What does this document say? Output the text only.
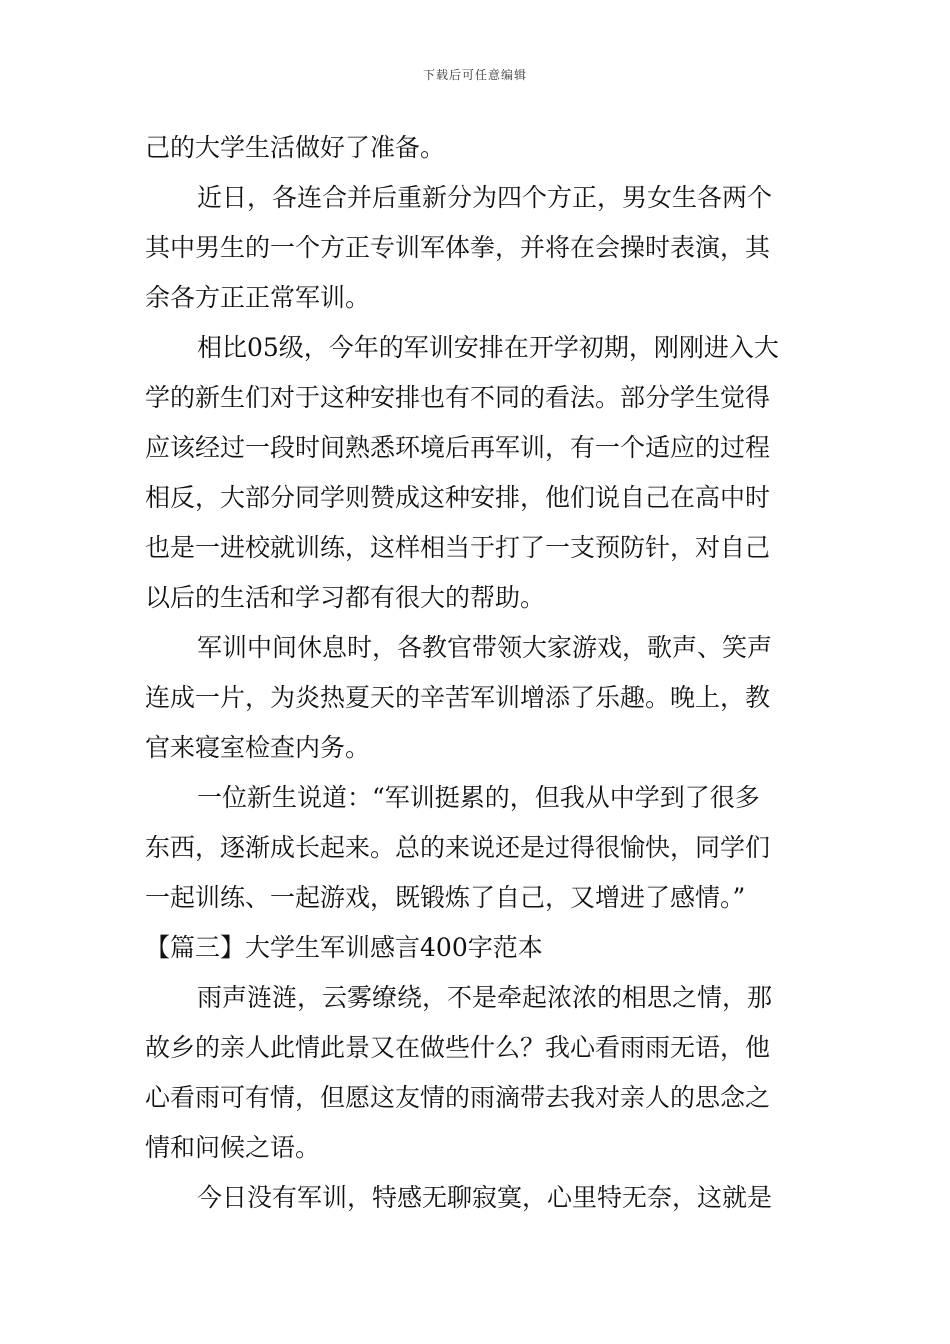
下载后可任意编辑
己的大学生活做好了准备。
近日，各连合并后重新分为四个方正，男女生各两个
其中男生的一个方正专训军体拳，并将在会操时表演，其
余各方正正常军训。
相比05级，今年的军训安排在开学初期，刚刚进入大
学的新生们对于这种安排也有不同的看法。部分学生觉得
应该经过一段时间熟悉环境后再军训，有一个适应的过程
相反，大部分同学则赞成这种安排，他们说自己在高中时
也是一进校就训练，这样相当于打了一支预防针，对自己
以后的生活和学习都有很大的帮助。
军训中间休息时，各教官带领大家游戏，歌声、笑声
连成一片，为炎热夏天的辛苦军训增添了乐趣。晚上，教
官来寝室检查内务。
一位新生说道：“军训挺累的，但我从中学到了很多
东西，逐渐成长起来。总的来说还是过得很愉快，同学们
一起训练、一起游戏，既锻炼了自己，又增进了感情。”
【篇三】大学生军训感言400字范本
雨声涟涟，云雾缭绕，不是牵起浓浓的相思之情，那
故乡的亲人此情此景又在做些什么？我心看雨雨无语，他
心看雨可有情，但愿这友情的雨滴带去我对亲人的思念之
情和问候之语。
今日没有军训，特感无聊寂寞，心里特无奈，这就是
